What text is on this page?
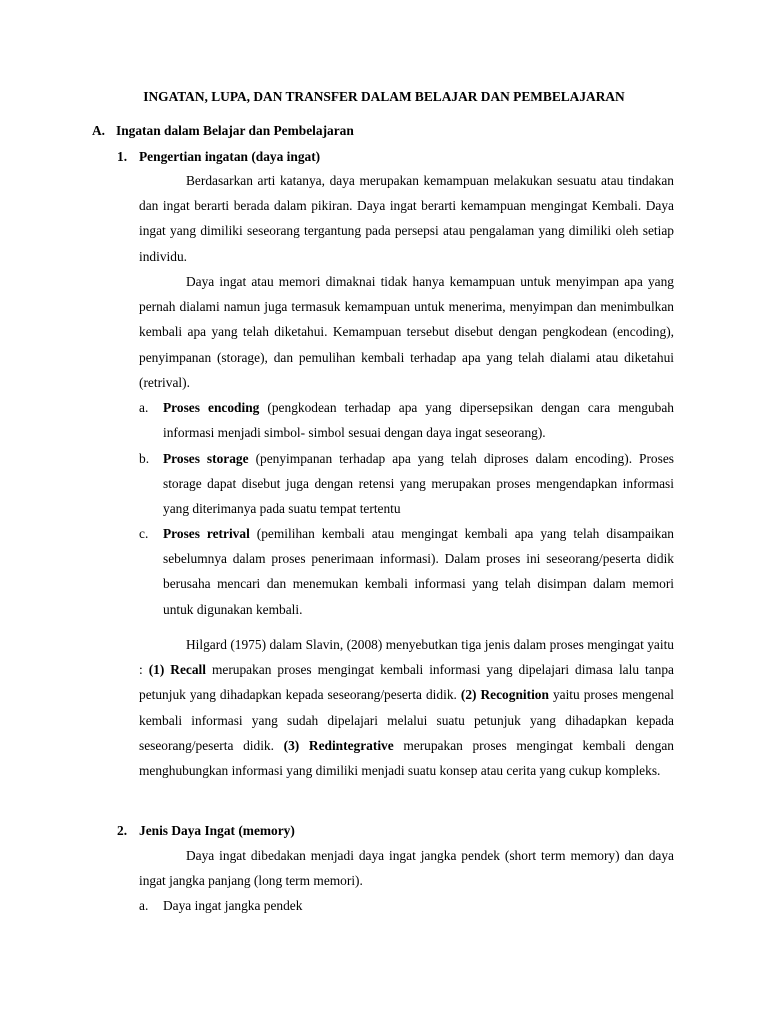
INGATAN, LUPA, DAN TRANSFER DALAM BELAJAR DAN PEMBELAJARAN
A. Ingatan dalam Belajar dan Pembelajaran
1. Pengertian ingatan (daya ingat)

Berdasarkan arti katanya, daya merupakan kemampuan melakukan sesuatu atau tindakan dan ingat berarti berada dalam pikiran. Daya ingat berarti kemampuan mengingat Kembali. Daya ingat yang dimiliki seseorang tergantung pada persepsi atau pengalaman yang dimiliki oleh setiap individu.

Daya ingat atau memori dimaknai tidak hanya kemampuan untuk menyimpan apa yang pernah dialami namun juga termasuk kemampuan untuk menerima, menyimpan dan menimbulkan kembali apa yang telah diketahui. Kemampuan tersebut disebut dengan pengkodean (encoding), penyimpanan (storage), dan pemulihan kembali terhadap apa yang telah dialami atau diketahui (retrival).

a. Proses encoding (pengkodean terhadap apa yang dipersepsikan dengan cara mengubah informasi menjadi simbol- simbol sesuai dengan daya ingat seseorang).
b. Proses storage (penyimpanan terhadap apa yang telah diproses dalam encoding). Proses storage dapat disebut juga dengan retensi yang merupakan proses mengendapkan informasi yang diterimanya pada suatu tempat tertentu
c. Proses retrival (pemilihan kembali atau mengingat kembali apa yang telah disampaikan sebelumnya dalam proses penerimaan informasi). Dalam proses ini seseorang/peserta didik berusaha mencari dan menemukan kembali informasi yang telah disimpan dalam memori untuk digunakan kembali.

Hilgard (1975) dalam Slavin, (2008) menyebutkan tiga jenis dalam proses mengingat yaitu : (1) Recall merupakan proses mengingat kembali informasi yang dipelajari dimasa lalu tanpa petunjuk yang dihadapkan kepada seseorang/peserta didik. (2) Recognition yaitu proses mengenal kembali informasi yang sudah dipelajari melalui suatu petunjuk yang dihadapkan kepada seseorang/peserta didik. (3) Redintegrative merupakan proses mengingat kembali dengan menghubungkan informasi yang dimiliki menjadi suatu konsep atau cerita yang cukup kompleks.

2. Jenis Daya Ingat (memory)

Daya ingat dibedakan menjadi daya ingat jangka pendek (short term memory) dan daya ingat jangka panjang (long term memori).

a. Daya ingat jangka pendek
